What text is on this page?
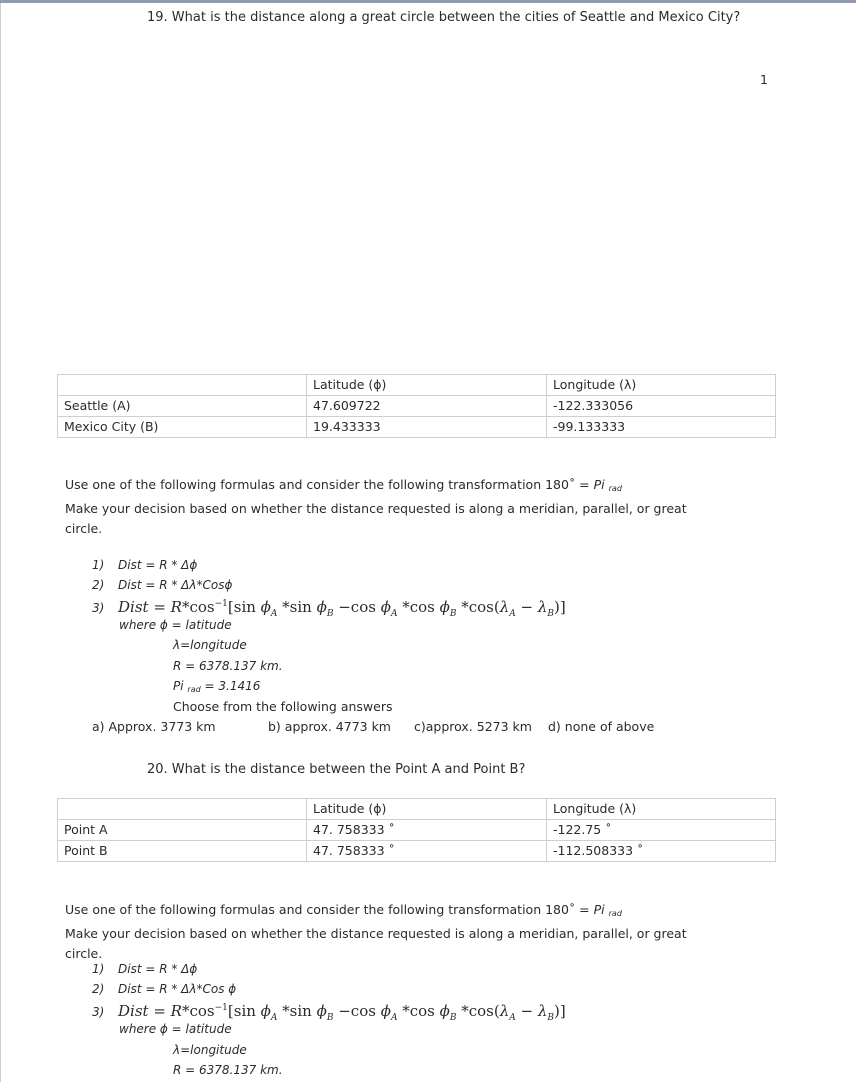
19. What is the distance along a great circle between the cities of Seattle and Mexico City?
1
	Latitude (ϕ)	Longitude (λ)
Seattle (A)	47.609722	-122.333056
Mexico City (B)	19.433333	-99.133333
Use one of the following formulas and consider the following transformation 180˚ = Pi $_{rad}$
Make your decision based on whether the distance requested is along a meridian, parallel, or great
circle.
1) Dist = R * Δϕ
2) Dist = R * Δλ*Cosϕ
3) Dist = $R*\cos^{-1}[\sin$ $\phi_A$ *sin $\phi_B -\cos$ $\phi_A$ *cos $\phi_B$ $*\cos(\lambda_A - \lambda_B)$]
where ϕ = latitude
λ=longitude
R = 6378.137 km.
Pi $_{rad}$ = 3.1416
Choose from the following answers
a) Approx. 3773 km	b) approx. 4773 km c)approx. 5273 km d) none of above
20. What is the distance between the Point A and Point B?
	Latitude (ϕ)	Longitude (λ)
Point A	47. 758333 ˚	-122.75 ˚
Point B	47. 758333 ˚	-112.508333 ˚
Use one of the following formulas and consider the following transformation 180˚ = Pi $_{rad}$
Make your decision based on whether the distance requested is along a meridian, parallel, or great
circle.
1) Dist = R * Δϕ
2) Dist = R * Δλ*Cos ϕ
3) Dist = $R*\cos^{-1}[\sin$ $\phi_A$ *sin $\phi_B -\cos$ $\phi_A$ *cos $\phi_B$ $*\cos(\lambda_A - \lambda_B)$]
where ϕ = latitude
λ=longitude
R = 6378.137 km.
